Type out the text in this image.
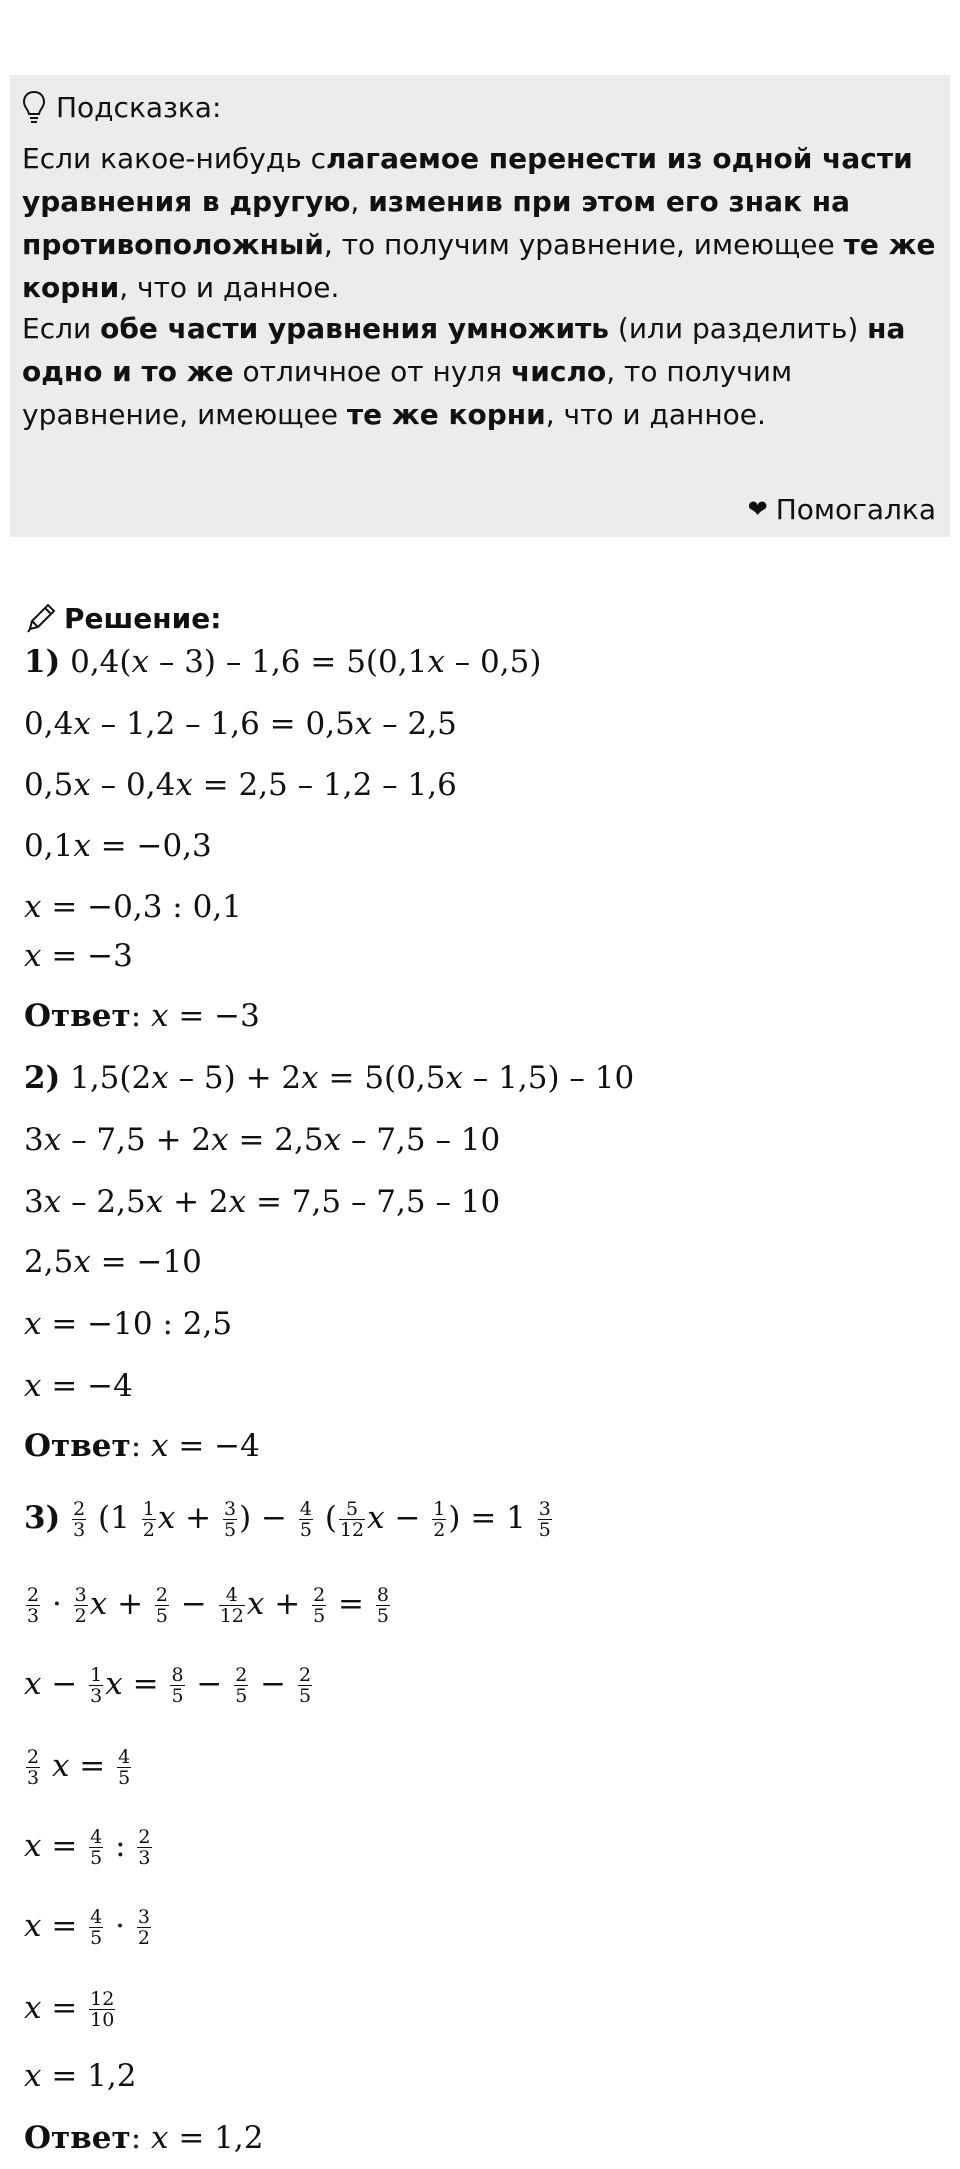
Подсказка:
Если какое-нибудь слагаемое перенести из одной части уравнения в другую, изменив при этом его знак на противоположный, то получим уравнение, имеющее те же корни, что и данное.
Если обе части уравнения умножить (или разделить) на одно и то же отличное от нуля число, то получим уравнение, имеющее те же корни, что и данное.
❤ Помогалка
Решение:
1) 0,4(x – 3) – 1,6 = 5(0,1x – 0,5)
0,4x – 1,2 – 1,6 = 0,5x – 2,5
0,5x – 0,4x = 2,5 – 1,2 – 1,6
0,1x = −0,3
x = −0,3 : 0,1
x = −3
Ответ: x = −3
2) 1,5(2x – 5) + 2x = 5(0,5x – 1,5) – 10
3x – 7,5 + 2x = 2,5x – 7,5 – 10
3x – 2,5x + 2x = 7,5 – 7,5 – 10
2,5x = −10
x = −10 : 2,5
x = −4
Ответ: x = −4
$3) \frac{2}{3} (1 \frac{1}{2}$ $x + \frac{3}{5}$ ) − $\frac{4}{5}$ ( $\frac{5}{12}$ $x - \frac{1}{2}$ ) = $1 \frac{3}{5}$
$\frac{2}{3} \cdot \frac{3}{2}$ $x + \frac{2}{5} - \frac{4}{12}$ $x + \frac{2}{5} = \frac{8}{5}$
$x - \frac{1}{3}$ $x = \frac{8}{5} - \frac{2}{5} - \frac{2}{5}$
$\frac{2}{3}$ $x = \frac{4}{5}$
$x = \frac{4}{5}$ : $\frac{2}{3}$
$x = \frac{4}{5} \cdot \frac{3}{2}$
$x = \frac{12}{10}$
x = 1,2
Ответ: x = 1,2
